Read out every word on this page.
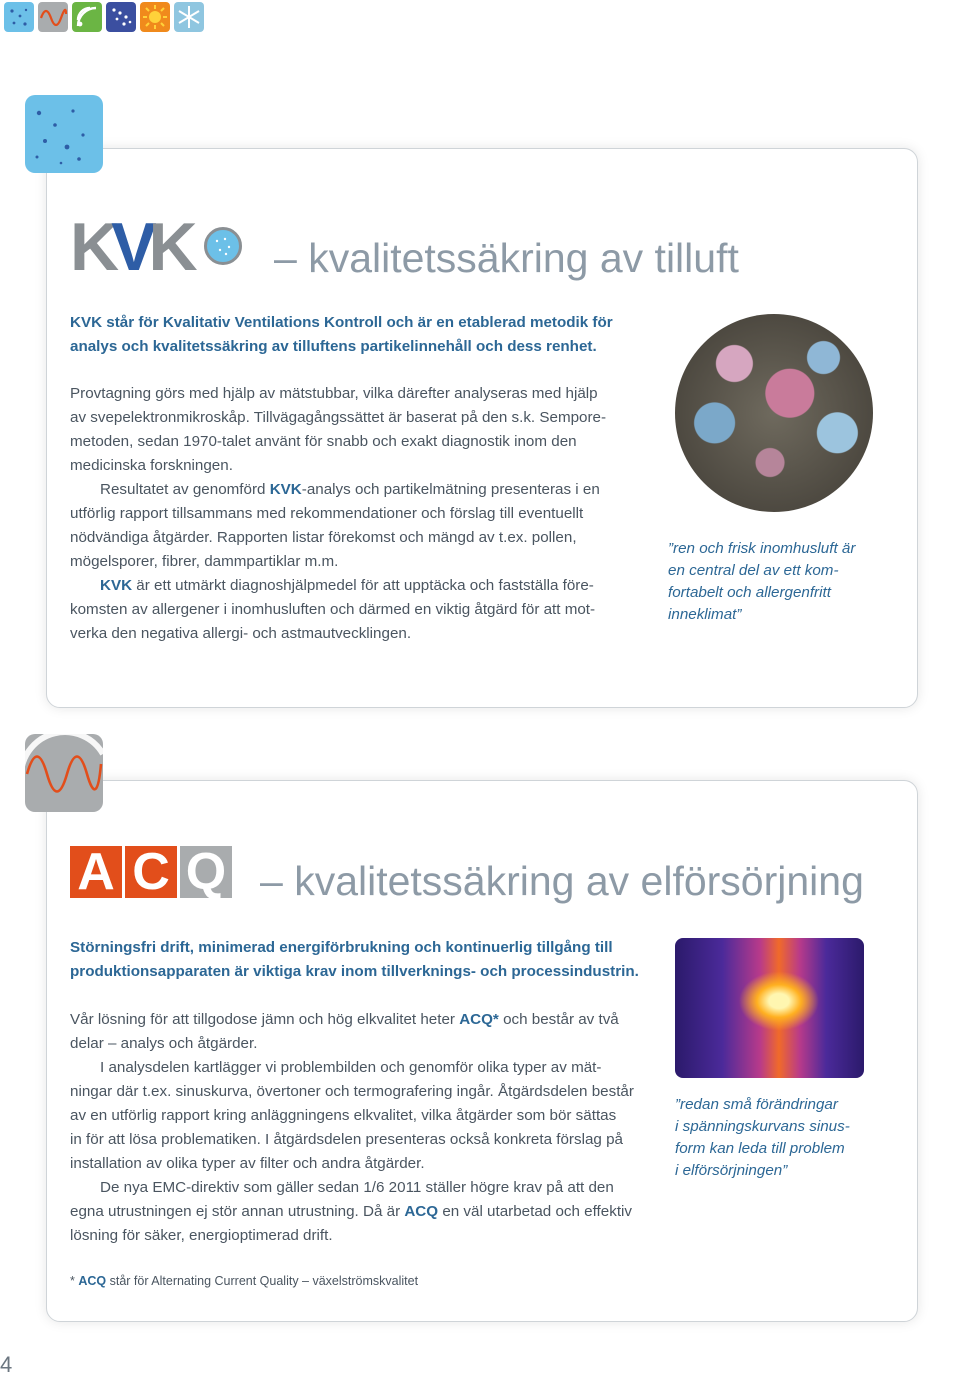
KVK	– kvalitetssäkring av tilluft
KVK står för Kvalitativ Ventilations Kontroll och är en etablerad metodik för
analys och kvalitetssäkring av tilluftens partikelinnehåll och dess renhet.
Provtagning görs med hjälp av mätstubbar, vilka därefter analyseras med hjälp
av svepelektronmikroskåp. Tillvägagångssättet är baserat på den s.k. Sempore-
metoden, sedan 1970-talet använt för snabb och exakt diagnostik inom den
medicinska forskningen.
Resultatet av genomförd KVK-analys och partikelmätning presenteras i en
utförlig rapport tillsammans med rekommendationer och förslag till eventuellt
nödvändiga åtgärder. Rapporten listar förekomst och mängd av t.ex. pollen,
mögelsporer, fibrer, dammpartiklar m.m.
KVK är ett utmärkt diagnoshjälpmedel för att upptäcka och fastställa före-
komsten av allergener i inomhusluften och därmed en viktig åtgärd för att mot-
verka den negativa allergi- och astmautvecklingen.
”ren och frisk inomhusluft är
en central del av ett kom-
fortabelt och allergenfritt
inneklimat”
A C Q – kvalitetssäkring av elförsörjning
Störningsfri drift, minimerad energiförbrukning och kontinuerlig tillgång till
produktionsapparaten är viktiga krav inom tillverknings- och processindustrin.
Vår lösning för att tillgodose jämn och hög elkvalitet heter ACQ* och består av två
delar – analys och åtgärder.
I analysdelen kartlägger vi problembilden och genomför olika typer av mät-
ningar där t.ex. sinuskurva, övertoner och termografering ingår. Åtgärdsdelen består
av en utförlig rapport kring anläggningens elkvalitet, vilka åtgärder som bör sättas
in för att lösa problematiken. I åtgärdsdelen presenteras också konkreta förslag på
installation av olika typer av filter och andra åtgärder.
De nya EMC-direktiv som gäller sedan 1/6 2011 ställer högre krav på att den
egna utrustningen ej stör annan utrustning. Då är ACQ en väl utarbetad och effektiv
lösning för säker, energioptimerad drift.
”redan små förändringar
i spänningskurvans sinus-
form kan leda till problem
i elförsörjningen”
* ACQ står för Alternating Current Quality – växelströmskvalitet
4
